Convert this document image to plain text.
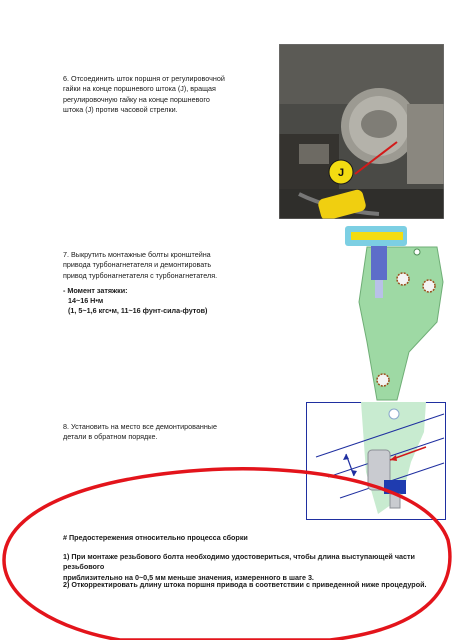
6. Отсоединить шток поршня от регулировочной
гайки на конце поршневого штока (J), вращая
регулировочную гайку на конце поршневого
штока (J) против часовой стрелки.
J
7. Выкрутить монтажные болты кронштейна
привода турбонагнетателя и демонтировать
привод турбонагнетателя с турбонагнетателя.
- Момент затяжки:
14~16 Н•м
(1, 5~1,6 кгс•м, 11~16 фунт-сила-футов)
8. Установить на место все демонтированные
детали в обратном порядке.
# Предостережения относительно процесса сборки
1) При монтаже резьбового болта необходимо удостовериться, чтобы длина выступающей части резьбового
приблизительно на 0~0,5 мм меньше значения, измеренного в шаге 3.
2) Откорректировать длину штока поршня привода в соответствии с приведенной ниже процедурой.
